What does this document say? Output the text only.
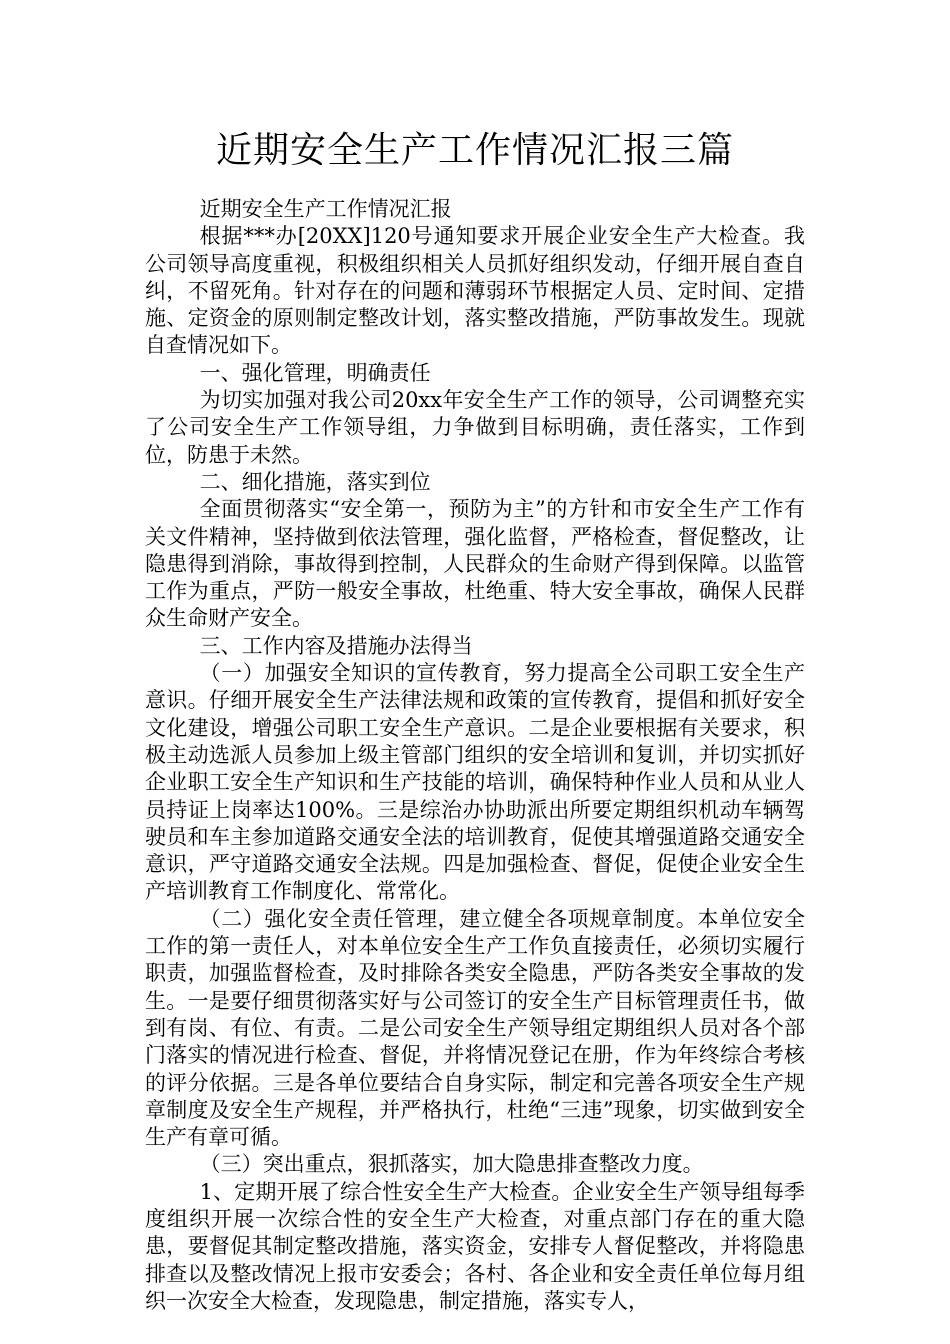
近期安全生产工作情况汇报三篇

近期安全生产工作情况汇报

根据***办[20XX]120号通知要求开展企业安全生产大检查。我公司领导高度重视，积极组织相关人员抓好组织发动，仔细开展自查自纠，不留死角。针对存在的问题和薄弱环节根据定人员、定时间、定措施、定资金的原则制定整改计划，落实整改措施，严防事故发生。现就自查情况如下。

一、强化管理，明确责任

为切实加强对我公司20xx年安全生产工作的领导，公司调整充实了公司安全生产工作领导组，力争做到目标明确，责任落实，工作到位，防患于未然。

二、细化措施，落实到位

全面贯彻落实“安全第一，预防为主”的方针和市安全生产工作有关文件精神，坚持做到依法管理，强化监督，严格检查，督促整改，让隐患得到消除，事故得到控制，人民群众的生命财产得到保障。以监管工作为重点，严防一般安全事故，杜绝重、特大安全事故，确保人民群众生命财产安全。

三、工作内容及措施办法得当

（一）加强安全知识的宣传教育，努力提高全公司职工安全生产意识。仔细开展安全生产法律法规和政策的宣传教育，提倡和抓好安全文化建设，增强公司职工安全生产意识。二是企业要根据有关要求，积极主动选派人员参加上级主管部门组织的安全培训和复训，并切实抓好企业职工安全生产知识和生产技能的培训，确保特种作业人员和从业人员持证上岗率达100%。三是综治办协助派出所要定期组织机动车辆驾驶员和车主参加道路交通安全法的培训教育，促使其增强道路交通安全意识，严守道路交通安全法规。四是加强检查、督促，促使企业安全生产培训教育工作制度化、常常化。

（二）强化安全责任管理，建立健全各项规章制度。本单位安全工作的第一责任人，对本单位安全生产工作负直接责任，必须切实履行职责，加强监督检查，及时排除各类安全隐患，严防各类安全事故的发生。一是要仔细贯彻落实好与公司签订的安全生产目标管理责任书，做到有岗、有位、有责。二是公司安全生产领导组定期组织人员对各个部门落实的情况进行检查、督促，并将情况登记在册，作为年终综合考核的评分依据。三是各单位要结合自身实际，制定和完善各项安全生产规章制度及安全生产规程，并严格执行，杜绝“三违”现象，切实做到安全生产有章可循。

（三）突出重点，狠抓落实，加大隐患排查整改力度。

1、定期开展了综合性安全生产大检查。企业安全生产领导组每季度组织开展一次综合性的安全生产大检查，对重点部门存在的重大隐患，要督促其制定整改措施，落实资金，安排专人督促整改，并将隐患排查以及整改情况上报市安委会；各村、各企业和安全责任单位每月组织一次安全大检查，发现隐患，制定措施，落实专人，
